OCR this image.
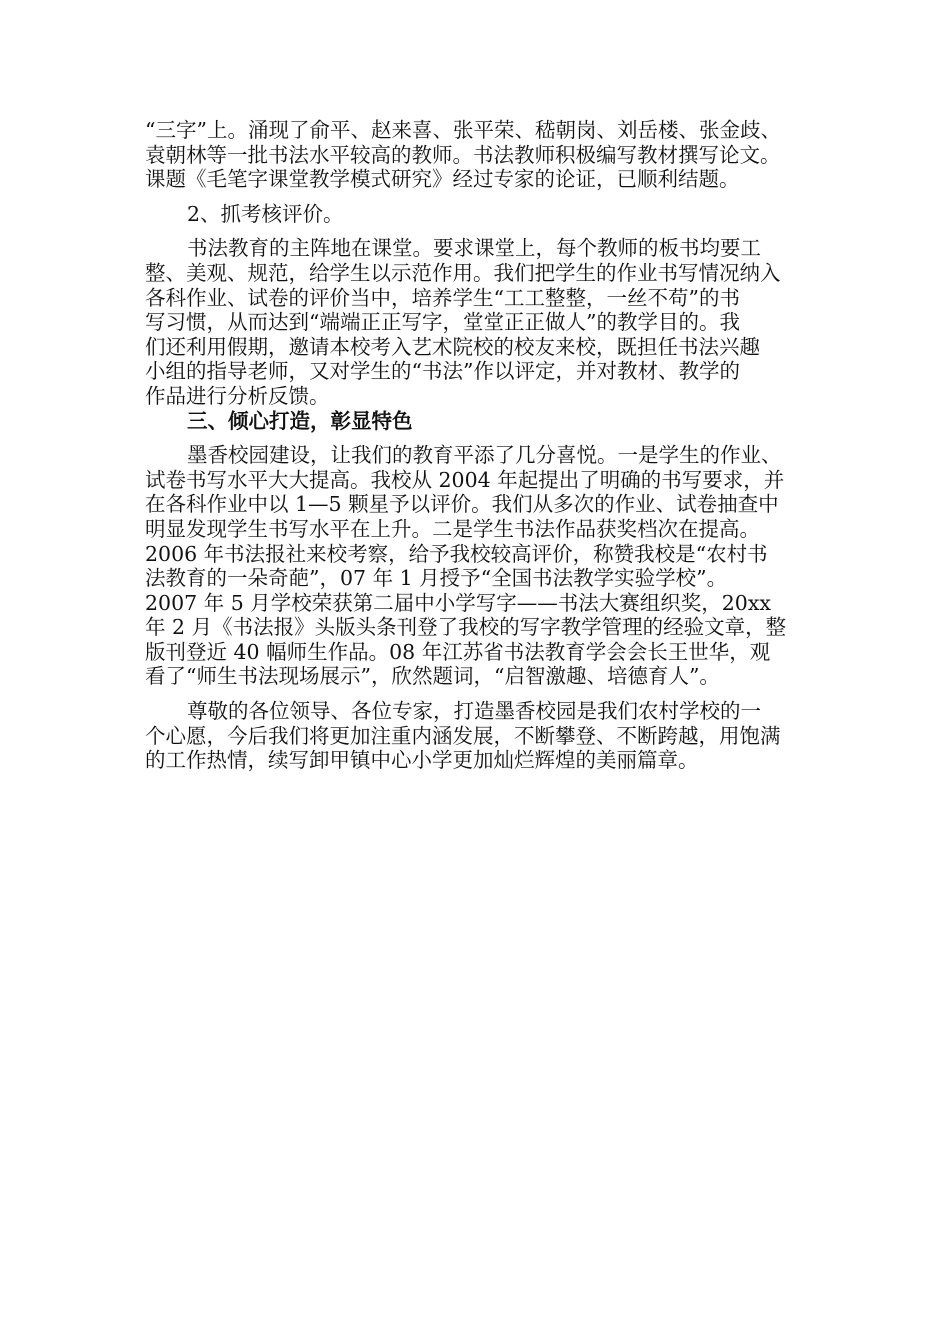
“三字”上。涌现了俞平、赵来喜、张平荣、嵇朝岗、刘岳楼、张金歧、
袁朝林等一批书法水平较高的教师。书法教师积极编写教材撰写论文。
课题《毛笔字课堂教学模式研究》经过专家的论证，已顺利结题。
2、抓考核评价。
书法教育的主阵地在课堂。要求课堂上，每个教师的板书均要工
整、美观、规范，给学生以示范作用。我们把学生的作业书写情况纳入
各科作业、试卷的评价当中，培养学生“工工整整，一丝不苟”的书
写习惯，从而达到“端端正正写字，堂堂正正做人”的教学目的。我
们还利用假期，邀请本校考入艺术院校的校友来校，既担任书法兴趣
小组的指导老师，又对学生的“书法”作以评定，并对教材、教学的
作品进行分析反馈。
三、倾心打造，彰显特色
墨香校园建设，让我们的教育平添了几分喜悦。一是学生的作业、
试卷书写水平大大提高。我校从 2004 年起提出了明确的书写要求，并
在各科作业中以 1—5 颗星予以评价。我们从多次的作业、试卷抽查中
明显发现学生书写水平在上升。二是学生书法作品获奖档次在提高。
2006 年书法报社来校考察，给予我校较高评价，称赞我校是“农村书
法教育的一朵奇葩”，07 年 1 月授予“全国书法教学实验学校”。
2007 年 5 月学校荣获第二届中小学写字——书法大赛组织奖，20xx
年 2 月《书法报》头版头条刊登了我校的写字教学管理的经验文章，整
版刊登近 40 幅师生作品。08 年江苏省书法教育学会会长王世华，观
看了“师生书法现场展示”，欣然题词，“启智激趣、培德育人”。
尊敬的各位领导、各位专家，打造墨香校园是我们农村学校的一
个心愿，今后我们将更加注重内涵发展，不断攀登、不断跨越，用饱满
的工作热情，续写卸甲镇中心小学更加灿烂辉煌的美丽篇章。
